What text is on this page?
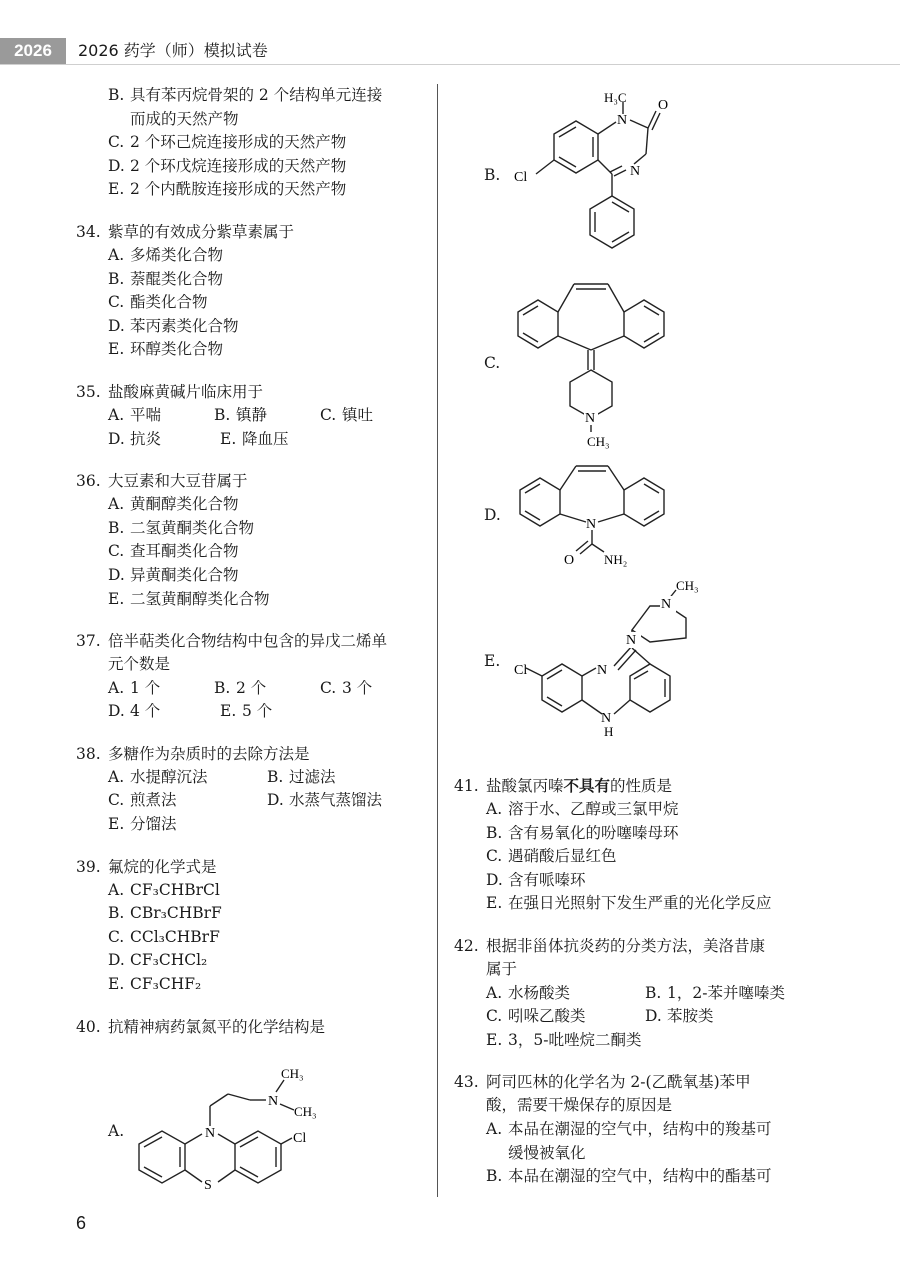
2026	2026 药学（师）模拟试卷
B. 具有苯丙烷骨架的 2 个结构单元连接
而成的天然产物
C. 2 个环己烷连接形成的天然产物
D. 2 个环戊烷连接形成的天然产物
E. 2 个内酰胺连接形成的天然产物
34. 紫草的有效成分紫草素属于
A. 多烯类化合物
B. 萘醌类化合物
C. 酯类化合物
D. 苯丙素类化合物
E. 环醇类化合物
35. 盐酸麻黄碱片临床用于
A. 平喘	B. 镇静	C. 镇吐
D. 抗炎	E. 降血压
36. 大豆素和大豆苷属于
A. 黄酮醇类化合物
B. 二氢黄酮类化合物
C. 查耳酮类化合物
D. 异黄酮类化合物
E. 二氢黄酮醇类化合物
37. 倍半萜类化合物结构中包含的异戊二烯单
元个数是
A. 1 个	B. 2 个	C. 3 个
D. 4 个	E. 5 个
38. 多糖作为杂质时的去除方法是
A. 水提醇沉法	B. 过滤法
C. 煎煮法	D. 水蒸气蒸馏法
E. 分馏法
39. 氟烷的化学式是
A. CF₃CHBrCl
B. CBr₃CHBrF
C. CCl₃CHBrF
D. CF₃CHCl₂
E. CF₃CHF₂
40. 抗精神病药氯氮平的化学结构是
A.	N
S
N
CH₃
CH₃
Cl
B.
H₃C
N
O
N
Cl
C.
N
CH₃
D.
N
O NH₂
E.
N
N
CH₃
N
N
H
Cl
41. 盐酸氯丙嗪不具有的性质是
A. 溶于水、乙醇或三氯甲烷
B. 含有易氧化的吩噻嗪母环
C. 遇硝酸后显红色
D. 含有哌嗪环
E. 在强日光照射下发生严重的光化学反应
42. 根据非甾体抗炎药的分类方法，美洛昔康
属于
A. 水杨酸类	B. 1，2-苯并噻嗪类
C. 吲哚乙酸类	D. 苯胺类
E. 3，5-吡唑烷二酮类
43. 阿司匹林的化学名为 2-(乙酰氧基)苯甲
酸，需要干燥保存的原因是
A. 本品在潮湿的空气中，结构中的羧基可
缓慢被氧化
B. 本品在潮湿的空气中，结构中的酯基可
6
